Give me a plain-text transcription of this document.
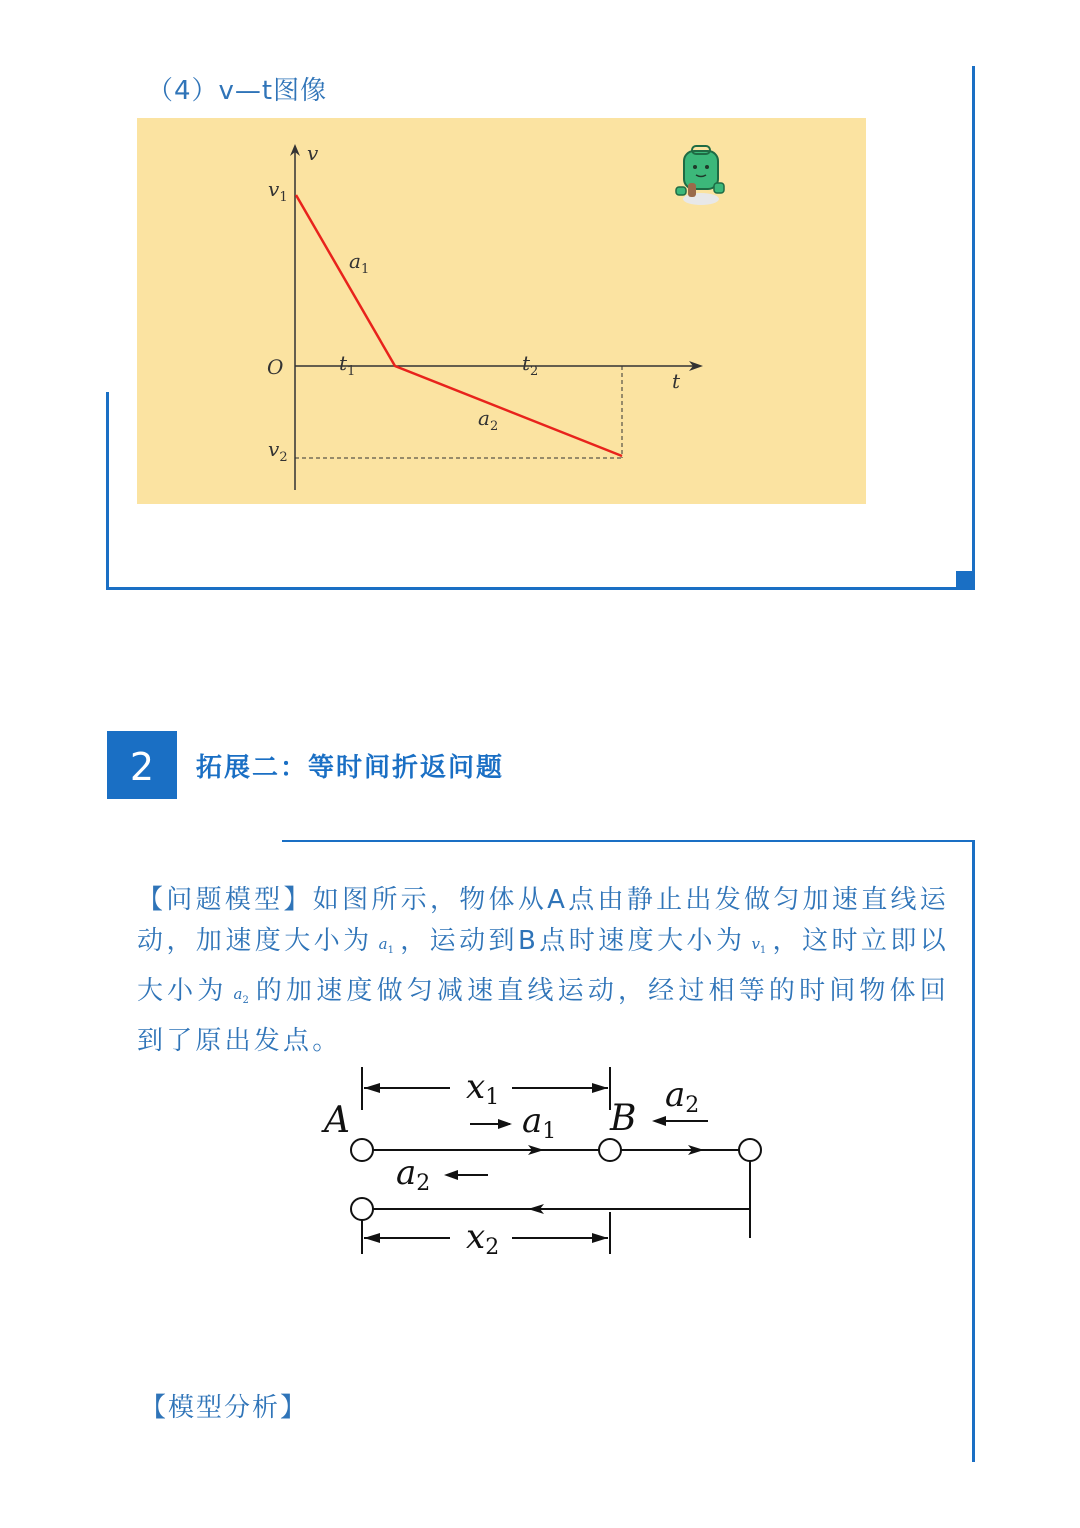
（4）v—t图像
v
t
O
$v_1$
$v_2$
$a_1$
$a_2$
$t_1$	$t_2$
2	拓展二：等时间折返问题
【问题模型】如图所示，物体从A点由静止出发做匀加速直线运动，加速度大小为 $a_1$ ，运动到B点时速度大小为 $v_1$ ，这时立即以大小为 $a_2$ 的加速度做匀减速直线运动，经过相等的时间物体回到了原出发点。
x1
A	B
a1
a2
a2
x2
【模型分析】
